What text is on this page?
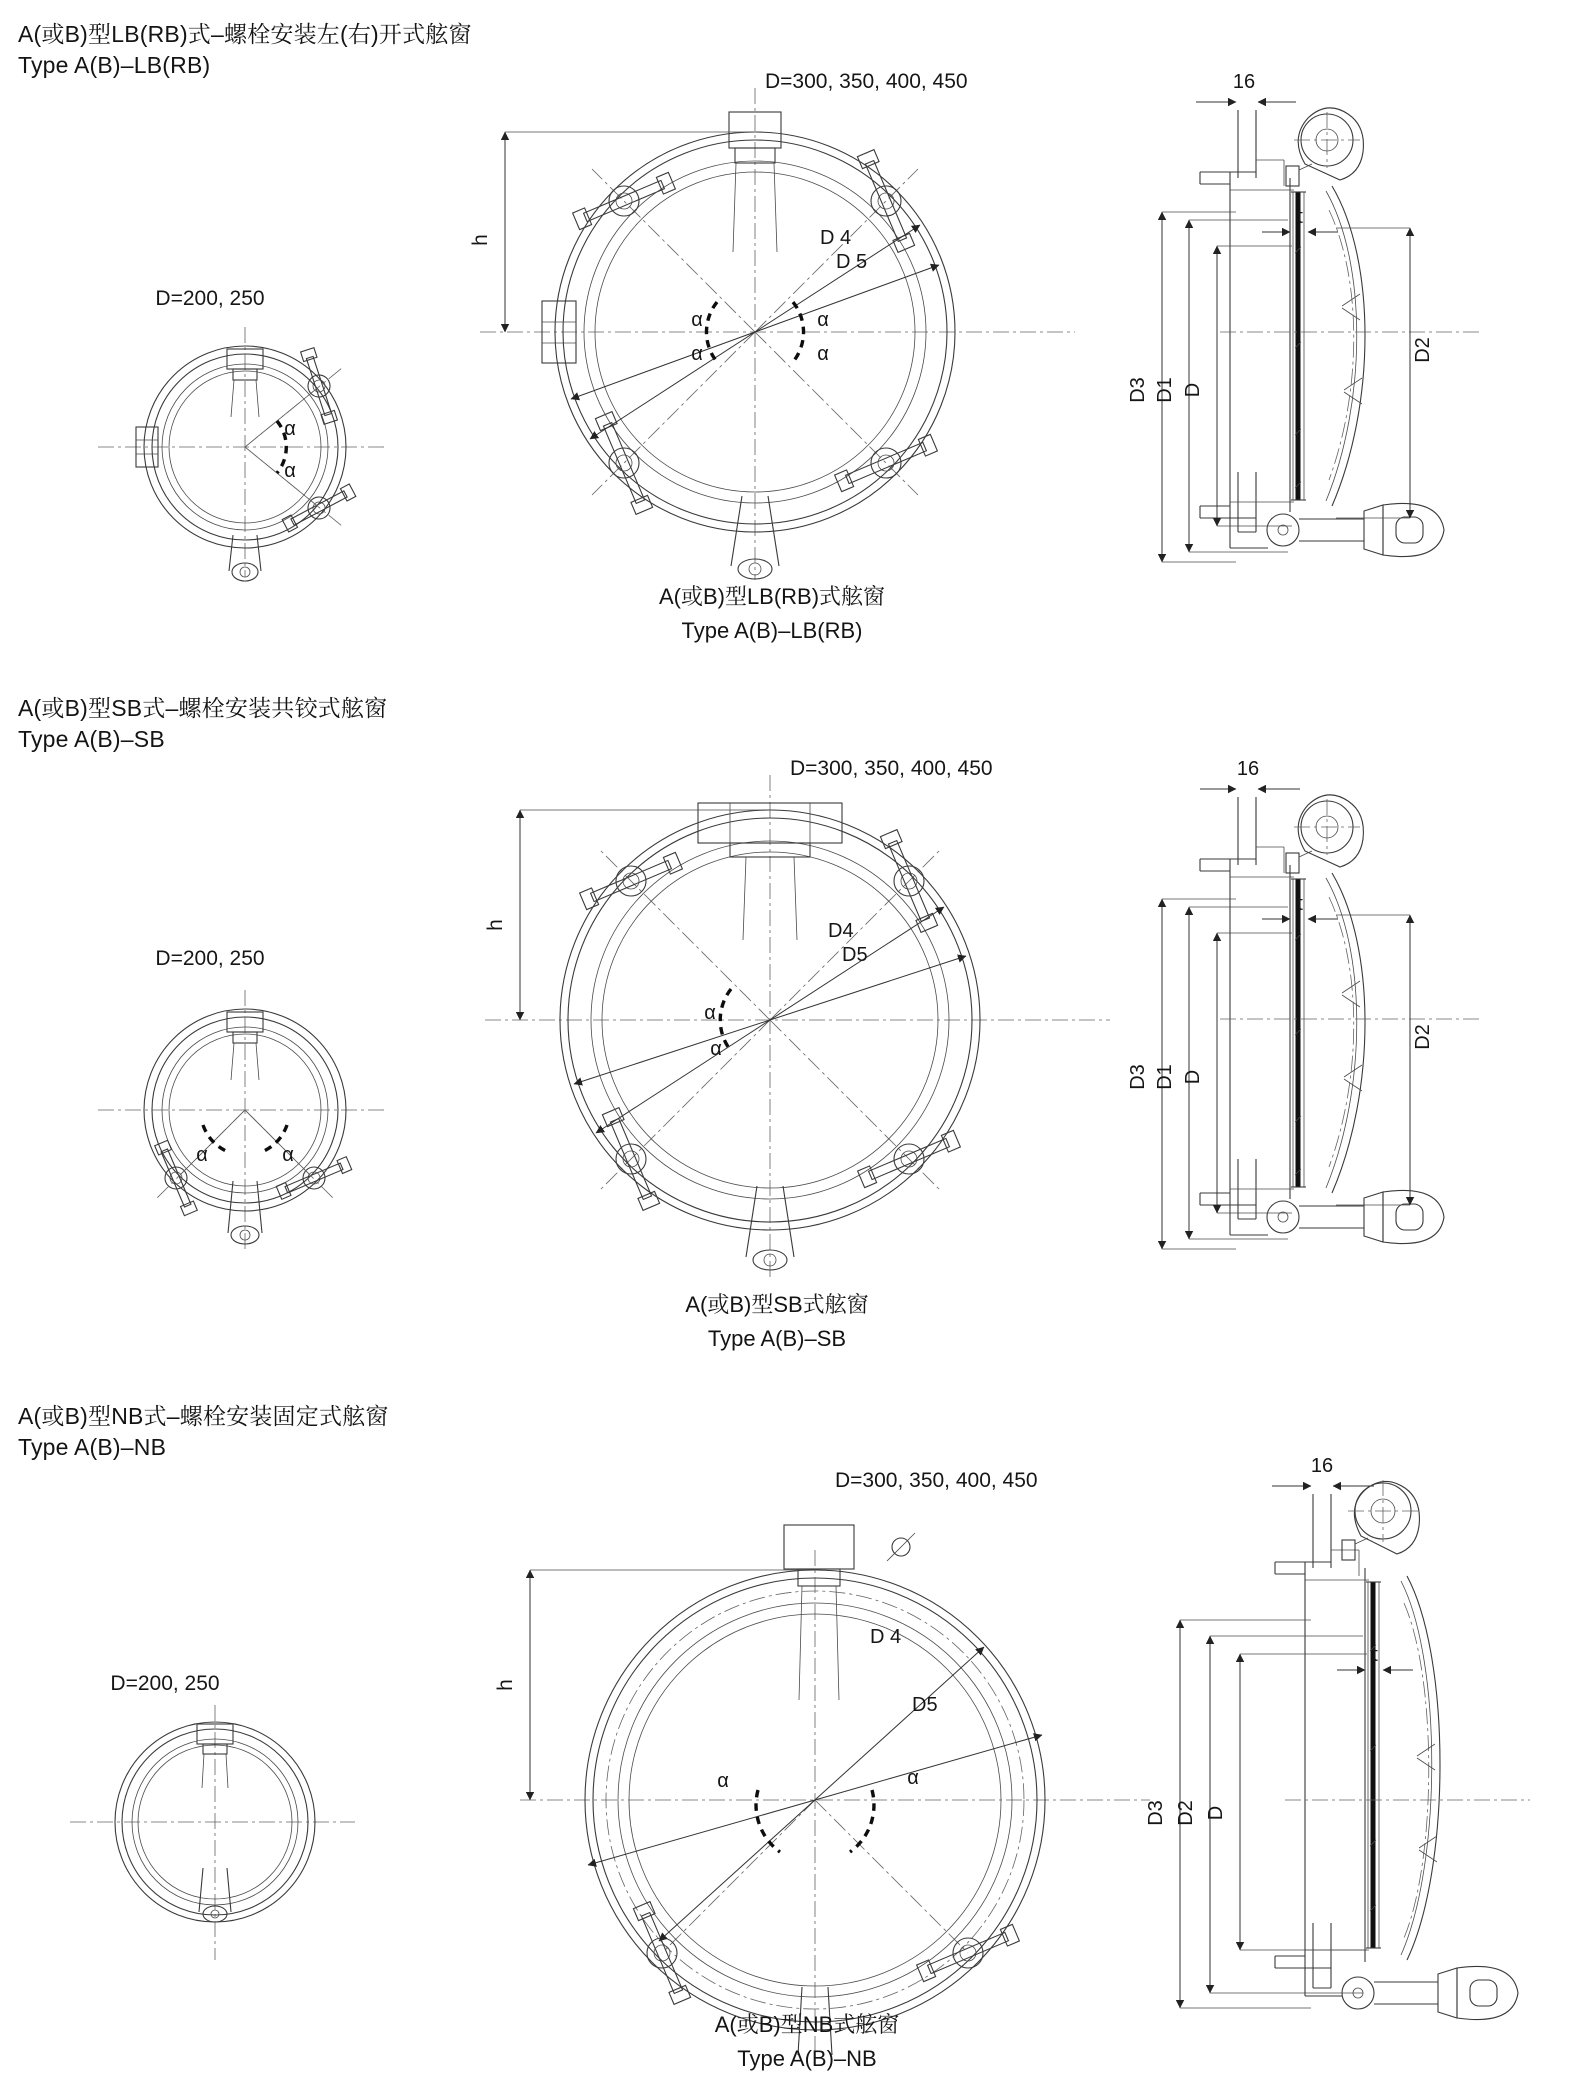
A(或B)型LB(RB)式–螺栓安装左(右)开式舷窗
Type A(B)–LB(RB)
D=200, 250
α
α
D=300, 350, 400, 450
h	D 4
D 5
α
α
α
α
16
t
D3 D1 D
D2
A(或B)型LB(RB)式舷窗
Type A(B)–LB(RB)
A(或B)型SB式–螺栓安装共铰式舷窗
Type A(B)–SB
D=200, 250
α	α
D=300, 350, 400, 450
h	D4
D5
α
α
16
t
D3 D1 D
D2
A(或B)型SB式舷窗
Type A(B)–SB
A(或B)型NB式–螺栓安装固定式舷窗
Type A(B)–NB
D=200, 250
D=300, 350, 400, 450
h
D 4
D5
α	α
16
t
D3 D2 D
A(或B)型NB式舷窗
Type A(B)–NB
